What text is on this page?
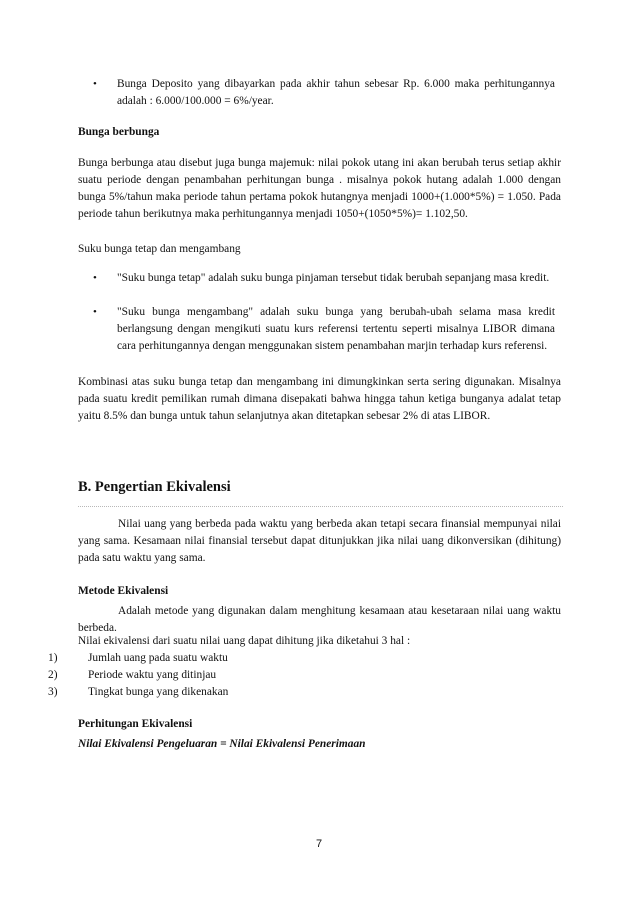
• Bunga Deposito yang dibayarkan pada akhir tahun sebesar Rp. 6.000 maka perhitungannya adalah : 6.000/100.000 = 6%/year.
Bunga berbunga
Bunga berbunga atau disebut juga bunga majemuk: nilai pokok utang ini akan berubah terus setiap akhir suatu periode dengan penambahan perhitungan bunga . misalnya pokok hutang adalah 1.000 dengan bunga 5%/tahun maka periode tahun pertama pokok hutangnya menjadi 1000+(1.000*5%) = 1.050. Pada periode tahun berikutnya maka perhitungannya menjadi 1050+(1050*5%)= 1.102,50.
Suku bunga tetap dan mengambang
• "Suku bunga tetap" adalah suku bunga pinjaman tersebut tidak berubah sepanjang masa kredit.
• "Suku bunga mengambang" adalah suku bunga yang berubah-ubah selama masa kredit berlangsung dengan mengikuti suatu kurs referensi tertentu seperti misalnya LIBOR dimana cara perhitungannya dengan menggunakan sistem penambahan marjin terhadap kurs referensi.
Kombinasi atas suku bunga tetap dan mengambang ini dimungkinkan serta sering digunakan. Misalnya pada suatu kredit pemilikan rumah dimana disepakati bahwa hingga tahun ketiga bunganya adalat tetap yaitu 8.5% dan bunga untuk tahun selanjutnya akan ditetapkan sebesar 2% di atas LIBOR.
B. Pengertian Ekivalensi
Nilai uang yang berbeda pada waktu yang berbeda akan tetapi secara finansial mempunyai nilai yang sama. Kesamaan nilai finansial tersebut dapat ditunjukkan jika nilai uang dikonversikan (dihitung) pada satu waktu yang sama.
Metode Ekivalensi
Adalah metode yang digunakan dalam menghitung kesamaan atau kesetaraan nilai uang waktu berbeda.
Nilai ekivalensi dari suatu nilai uang dapat dihitung jika diketahui 3 hal :
1)	Jumlah uang pada suatu waktu
2)	Periode waktu yang ditinjau
3)	Tingkat bunga yang dikenakan
Perhitungan Ekivalensi
Nilai Ekivalensi Pengeluaran = Nilai Ekivalensi Penerimaan
7
